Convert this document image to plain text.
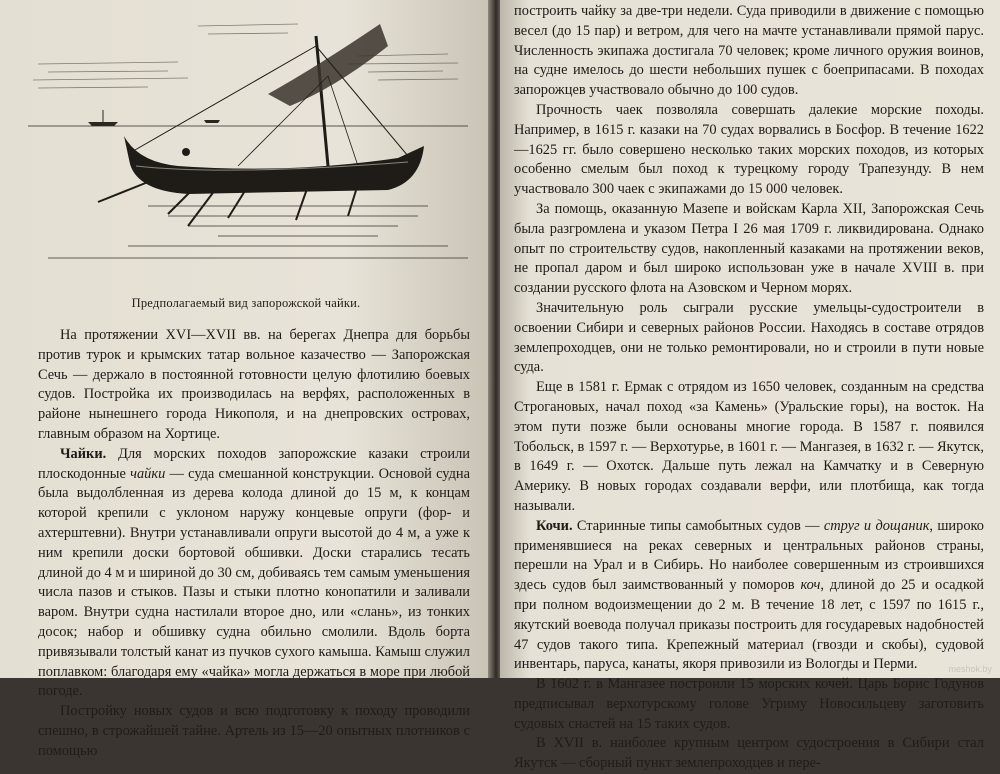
Предполагаемый вид запорожской чайки.

На протяжении XVI—XVII вв. на берегах Днепра для борьбы против турок и крымских татар вольное казачество — Запорожская Сечь — держало в постоянной готовности целую флотилию боевых судов. Постройка их производилась на верфях, расположенных в районе нынешнего города Никополя, и на днепровских островах, главным образом на Хортице.

Чайки. Для морских походов запорожские казаки строили плоскодонные чайки — суда смешанной конструкции. Основой судна была выдолбленная из дерева колода длиной до 15 м, к концам которой крепили с уклоном наружу концевые опруги (фор- и ахтерштевни). Внутри устанавливали опруги высотой до 4 м, а уже к ним крепили доски бортовой обшивки. Доски старались тесать длиной до 4 м и шириной до 30 см, добиваясь тем самым уменьшения числа пазов и стыков. Пазы и стыки плотно конопатили и заливали варом. Внутри судна настилали второе дно, или «слань», из тонких досок; набор и обшивку судна обильно смолили. Вдоль борта привязывали толстый канат из пучков сухого камыша. Камыш служил поплавком: благодаря ему «чайка» могла держаться в море при любой погоде.

Постройку новых судов и всю подготовку к походу проводили спешно, в строжайшей тайне. Артель из 15—20 опытных плотников с помощью

построить чайку за две-три недели. Суда приводили в движение с помощью весел (до 15 пар) и ветром, для чего на мачте устанавливали прямой парус. Численность экипажа достигала 70 человек; кроме личного оружия воинов, на судне имелось до шести небольших пушек с боеприпасами. В походах запорожцев участвовало обычно до 100 судов.

Прочность чаек позволяла совершать далекие морские походы. Например, в 1615 г. казаки на 70 судах ворвались в Босфор. В течение 1622—1625 гг. было совершено несколько таких морских походов, из которых особенно смелым был поход к турецкому городу Трапезунду. В нем участвовало 300 чаек с экипажами до 15 000 человек.

За помощь, оказанную Мазепе и войскам Карла XII, Запорожская Сечь была разгромлена и указом Петра I 26 мая 1709 г. ликвидирована. Однако опыт по строительству судов, накопленный казаками на протяжении веков, не пропал даром и был широко использован уже в начале XVIII в. при создании русского флота на Азовском и Черном морях.

Значительную роль сыграли русские умельцы-судостроители в освоении Сибири и северных районов России. Находясь в составе отрядов землепроходцев, они не только ремонтировали, но и строили в пути новые суда.

Еще в 1581 г. Ермак с отрядом из 1650 человек, созданным на средства Строгановых, начал поход «за Камень» (Уральские горы), на восток. На этом пути позже были основаны многие города. В 1587 г. появился Тобольск, в 1597 г. — Верхотурье, в 1601 г. — Мангазея, в 1632 г. — Якутск, в 1649 г. — Охотск. Дальше путь лежал на Камчатку и в Северную Америку. В новых городах создавали верфи, или плотбища, как тогда называли.

Кочи. Старинные типы самобытных судов — струг и дощаник, широко применявшиеся на реках северных и центральных районов страны, перешли на Урал и в Сибирь. Но наиболее совершенным из строившихся здесь судов был заимствованный у поморов коч, длиной до 25 и осадкой при полном водоизмещении до 2 м. В течение 18 лет, с 1597 по 1615 г., якутский воевода получал приказы построить для государевых надобностей 47 судов такого типа. Крепежный материал (гвозди и скобы), судовой инвентарь, паруса, канаты, якоря привозили из Вологды и Перми.

В 1602 г. в Мангазее построили 15 морских кочей. Царь Борис Годунов предписывал верхотурскому голове Угриму Новосильцеву заготовить судовых снастей на 15 таких судов.

В XVII в. наиболее крупным центром судостроения в Сибири стал Якутск — сборный пункт землепроходцев и пере-

meshok.by
